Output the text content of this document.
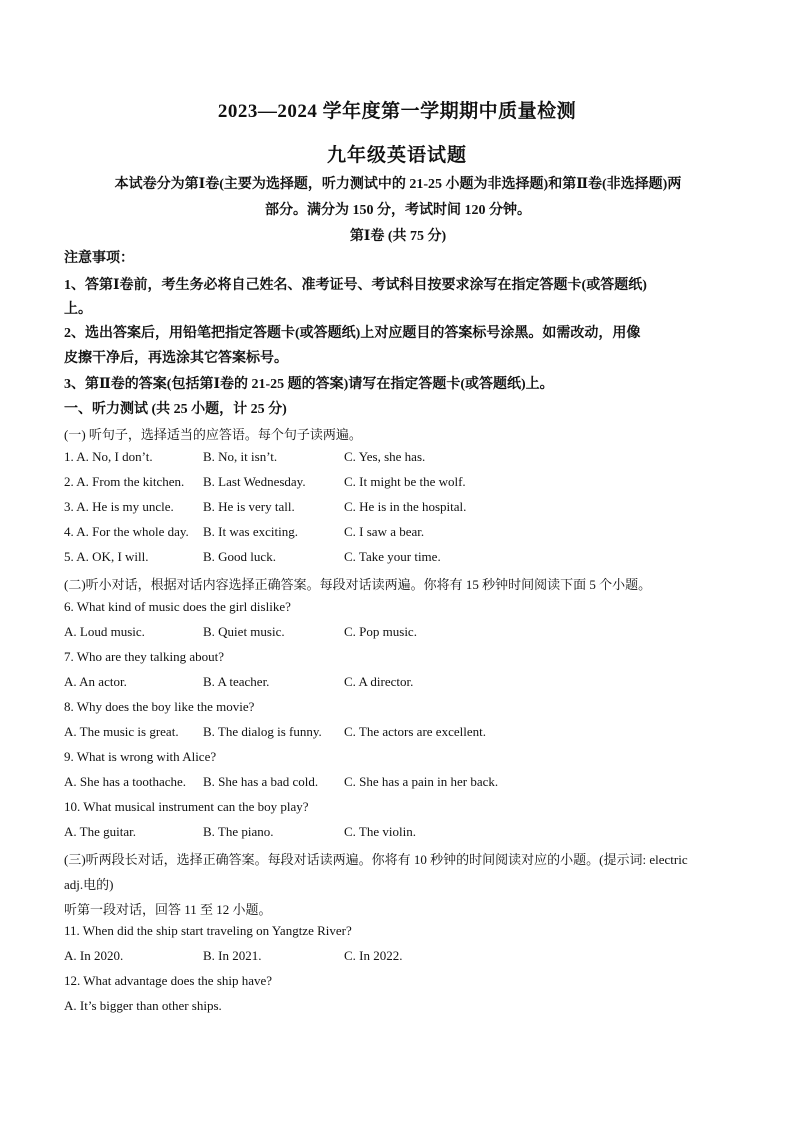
2023—2024 学年度第一学期期中质量检测
九年级英语试题
本试卷分为第Ⅰ卷(主要为选择题，听力测试中的 21-25 小题为非选择题)和第Ⅱ卷(非选择题)两
部分。满分为 150 分，考试时间 120 分钟。
第Ⅰ卷 (共 75 分)
注意事项：
1、答第Ⅰ卷前，考生务必将自己姓名、准考证号、考试科目按要求涂写在指定答题卡(或答题纸)
上。
2、选出答案后，用铅笔把指定答题卡(或答题纸)上对应题目的答案标号涂黑。如需改动，用像
皮擦干净后，再选涂其它答案标号。
3、第Ⅱ卷的答案(包括第Ⅰ卷的 21-25 题的答案)请写在指定答题卡(或答题纸)上。
一、听力测试 (共 25 小题，计 25 分)
(一) 听句子，选择适当的应答语。每个句子读两遍。
1. A. No, I don’t.	B. No, it isn’t.	C. Yes, she has.
2. A. From the kitchen. B. Last Wednesday.	C. It might be the wolf.
3. A. He is my uncle. B. He is very tall.	C. He is in the hospital.
4. A. For the whole day. B. It was exciting.	C. I saw a bear.
5. A. OK, I will.	B. Good luck.	C. Take your time.
(二)听小对话，根据对话内容选择正确答案。每段对话读两遍。你将有 15 秒钟时间阅读下面 5 个小题。
6. What kind of music does the girl dislike?
A. Loud music.	B. Quiet music.	C. Pop music.
7. Who are they talking about?
A. An actor.	B. A teacher.	C. A director.
8. Why does the boy like the movie?
A. The music is great. B. The dialog is funny. C. The actors are excellent.
9. What is wrong with Alice?
A. She has a toothache. B. She has a bad cold. C. She has a pain in her back.
10. What musical instrument can the boy play?
A. The guitar.	B. The piano.	C. The violin.
(三)听两段长对话，选择正确答案。每段对话读两遍。你将有 10 秒钟的时间阅读对应的小题。(提示词: electric
adj.电的)
听第一段对话，回答 11 至 12 小题。
11. When did the ship start traveling on Yangtze River?
A. In 2020.	B. In 2021.	C. In 2022.
12. What advantage does the ship have?
A. It’s bigger than other ships.
